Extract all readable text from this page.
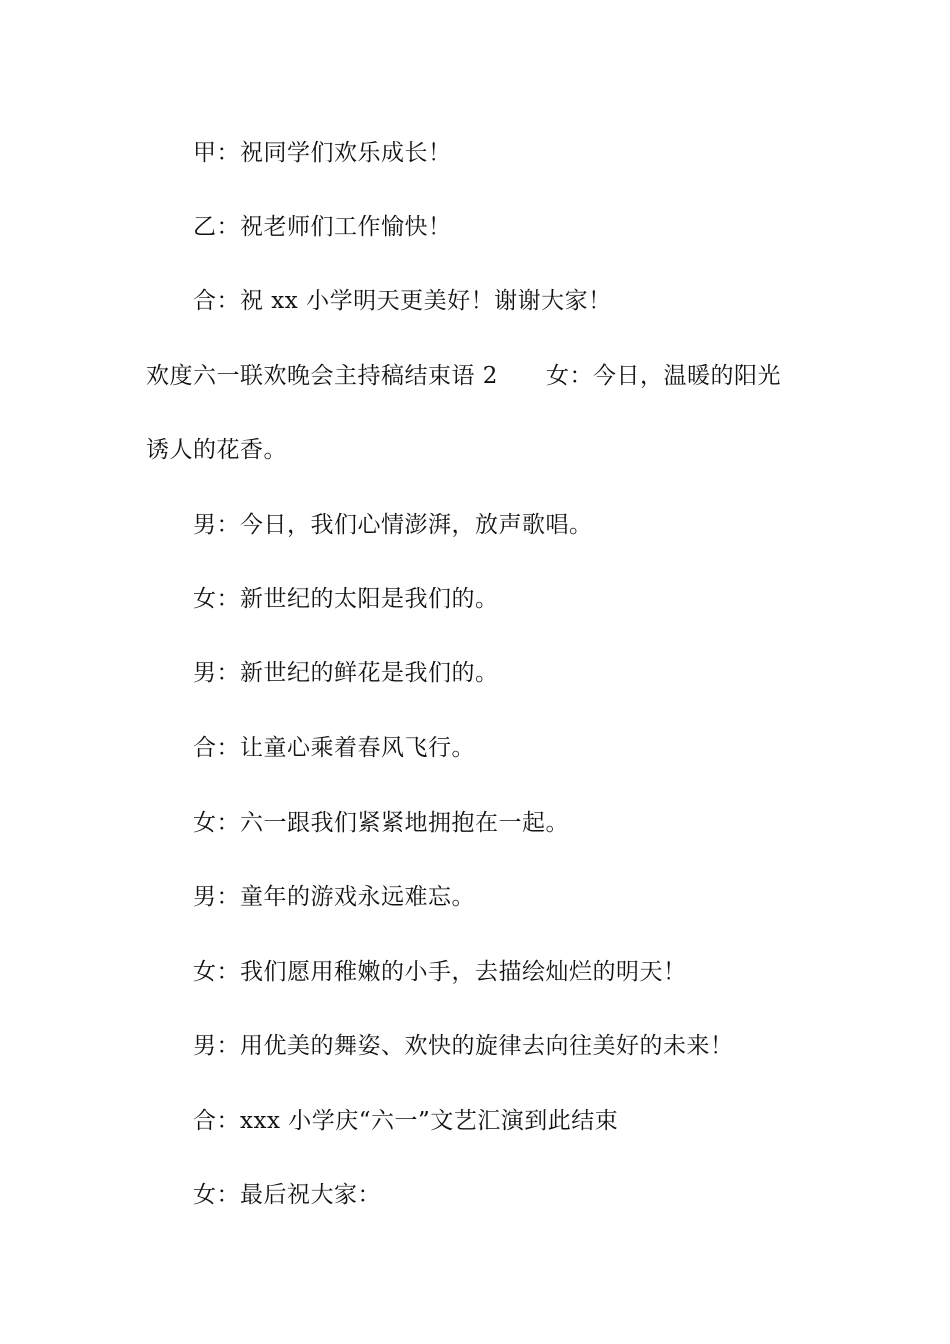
甲：祝同学们欢乐成长！
乙：祝老师们工作愉快！
合：祝 xx 小学明天更美好！谢谢大家！
欢度六一联欢晚会主持稿结束语 2 女：今日，温暖的阳光
诱人的花香。
男：今日，我们心情澎湃，放声歌唱。
女：新世纪的太阳是我们的。
男：新世纪的鲜花是我们的。
合：让童心乘着春风飞行。
女：六一跟我们紧紧地拥抱在一起。
男：童年的游戏永远难忘。
女：我们愿用稚嫩的小手，去描绘灿烂的明天！
男：用优美的舞姿、欢快的旋律去向往美好的未来！
合：xxx 小学庆“六一”文艺汇演到此结束
女：最后祝大家：
